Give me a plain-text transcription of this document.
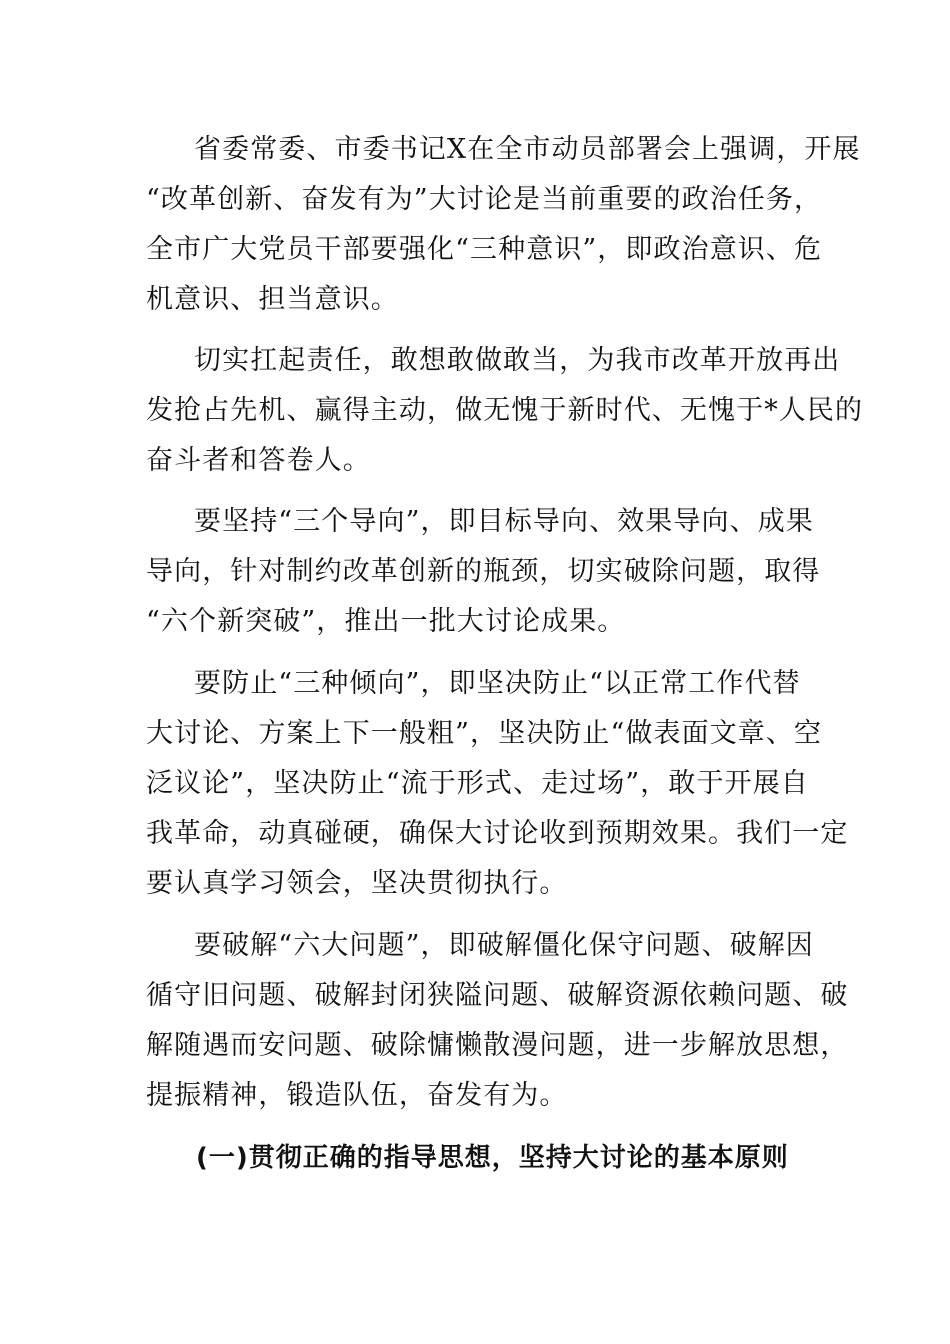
省委常委、市委书记X在全市动员部署会上强调，开展
“改革创新、奋发有为”大讨论是当前重要的政治任务，
全市广大党员干部要强化“三种意识”，即政治意识、危
机意识、担当意识。
切实扛起责任，敢想敢做敢当，为我市改革开放再出
发抢占先机、赢得主动，做无愧于新时代、无愧于*人民的
奋斗者和答卷人。
要坚持“三个导向”，即目标导向、效果导向、成果
导向，针对制约改革创新的瓶颈，切实破除问题，取得
“六个新突破”，推出一批大讨论成果。
要防止“三种倾向”，即坚决防止“以正常工作代替
大讨论、方案上下一般粗”，坚决防止“做表面文章、空
泛议论”，坚决防止“流于形式、走过场”，敢于开展自
我革命，动真碰硬，确保大讨论收到预期效果。我们一定
要认真学习领会，坚决贯彻执行。
要破解“六大问题”，即破解僵化保守问题、破解因
循守旧问题、破解封闭狭隘问题、破解资源依赖问题、破
解随遇而安问题、破除慵懒散漫问题，进一步解放思想，
提振精神，锻造队伍，奋发有为。
(一)贯彻正确的指导思想，坚持大讨论的基本原则
